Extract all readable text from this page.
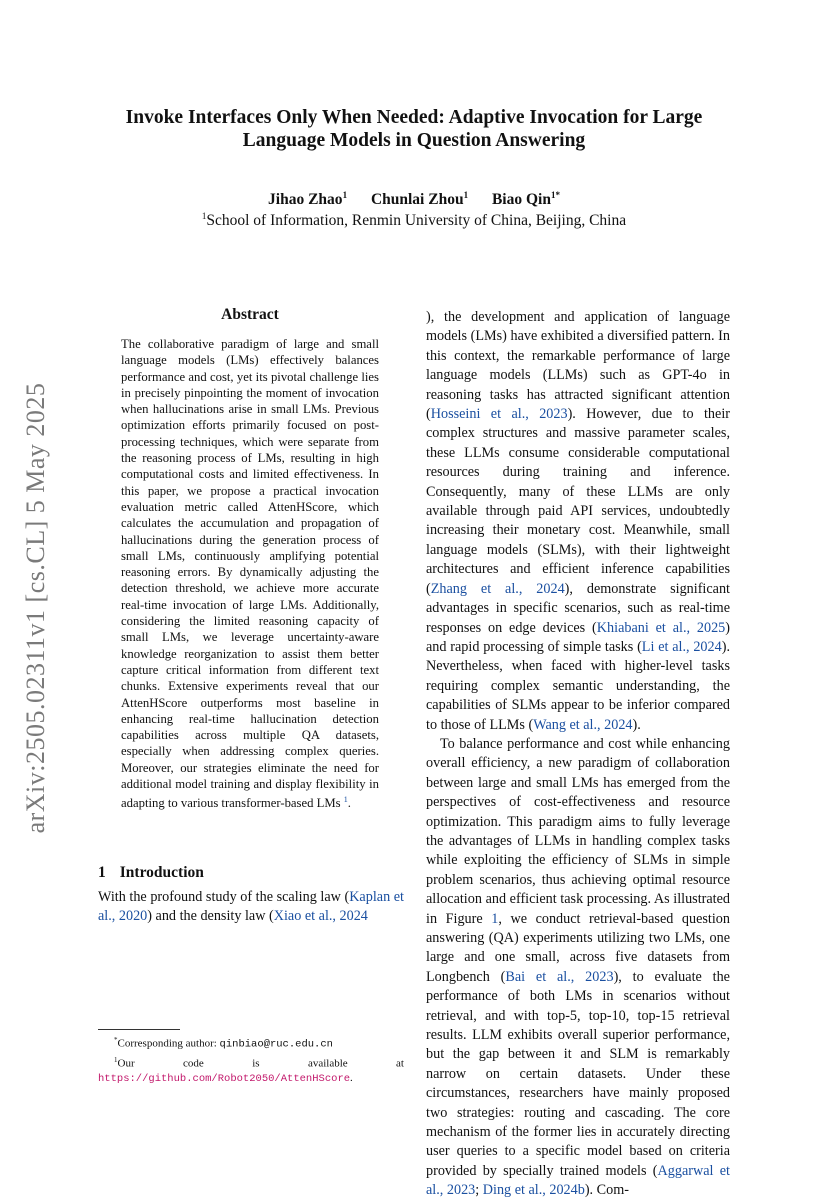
arXiv:2505.02311v1 [cs.CL] 5 May 2025
Invoke Interfaces Only When Needed: Adaptive Invocation for Large Language Models in Question Answering
Jihao Zhao$^1$ Chunlai Zhou$^1$ Biao Qin$^{1*}$
$^1$School of Information, Renmin University of China, Beijing, China
Abstract

The collaborative paradigm of large and small language models (LMs) effectively balances performance and cost, yet its pivotal challenge lies in precisely pinpointing the moment of invocation when hallucinations arise in small LMs. Previous optimization efforts primarily focused on post-processing techniques, which were separate from the reasoning process of LMs, resulting in high computational costs and limited effectiveness. In this paper, we propose a practical invocation evaluation metric called AttenHScore, which calculates the accumulation and propagation of hallucinations during the generation process of small LMs, continuously amplifying potential reasoning errors. By dynamically adjusting the detection threshold, we achieve more accurate real-time invocation of large LMs. Additionally, considering the limited reasoning capacity of small LMs, we leverage uncertainty-aware knowledge reorganization to assist them better capture critical information from different text chunks. Extensive experiments reveal that our AttenHScore outperforms most baseline in enhancing real-time hallucination detection capabilities across multiple QA datasets, especially when addressing complex queries. Moreover, our strategies eliminate the need for additional model training and display flexibility in adapting to various transformer-based LMs $^1$.

1 Introduction

With the profound study of the scaling law (Kaplan et al., 2020) and the density law (Xiao et al., 2024

), the development and application of language models (LMs) have exhibited a diversified pattern. In this context, the remarkable performance of large language models (LLMs) such as GPT-4o in reasoning tasks has attracted significant attention (Hosseini et al., 2023). However, due to their complex structures and massive parameter scales, these LLMs consume considerable computational resources during training and inference. Consequently, many of these LLMs are only available through paid API services, undoubtedly increasing their monetary cost. Meanwhile, small language models (SLMs), with their lightweight architectures and efficient inference capabilities (Zhang et al., 2024), demonstrate significant advantages in specific scenarios, such as real-time responses on edge devices (Khiabani et al., 2025) and rapid processing of simple tasks (Li et al., 2024). Nevertheless, when faced with higher-level tasks requiring complex semantic understanding, the capabilities of SLMs appear to be inferior compared to those of LLMs (Wang et al., 2024).

To balance performance and cost while enhancing overall efficiency, a new paradigm of collaboration between large and small LMs has emerged from the perspectives of cost-effectiveness and resource optimization. This paradigm aims to fully leverage the advantages of LLMs in handling complex tasks while exploiting the efficiency of SLMs in simple problem scenarios, thus achieving optimal resource allocation and efficient task processing. As illustrated in Figure 1, we conduct retrieval-based question answering (QA) experiments utilizing two LMs, one large and one small, across five datasets from Longbench (Bai et al., 2023), to evaluate the performance of both LMs in scenarios without retrieval, and with top-5, top-10, top-15 retrieval results. LLM exhibits overall superior performance, but the gap between it and SLM is remarkably narrow on certain datasets. Under these circumstances, researchers have mainly proposed two strategies: routing and cascading. The core mechanism of the former lies in accurately directing user queries to a specific model based on criteria provided by specially trained models (Aggarwal et al., 2023; Ding et al., 2024b). Com-

*Corresponding author: qinbiao@ruc.edu.cn

$^1$Our code is available at https://github.com/Robot2050/AttenHScore.
